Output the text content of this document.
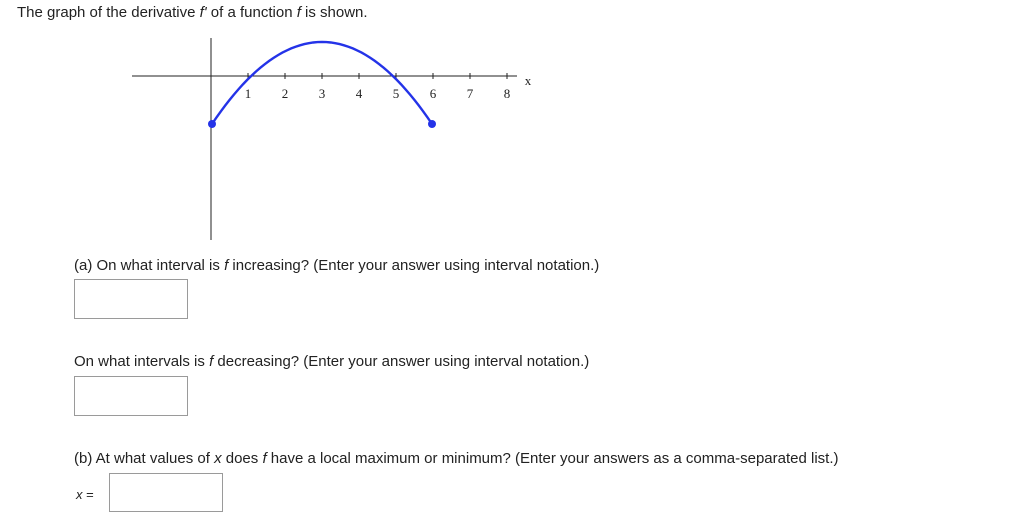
The graph of the derivative f' of a function f is shown.
1 2 3 4 5 6 7 8
x
(a) On what interval is f increasing? (Enter your answer using interval notation.)
On what intervals is f decreasing? (Enter your answer using interval notation.)
(b) At what values of x does f have a local maximum or minimum? (Enter your answers as a comma-separated list.)
x =
